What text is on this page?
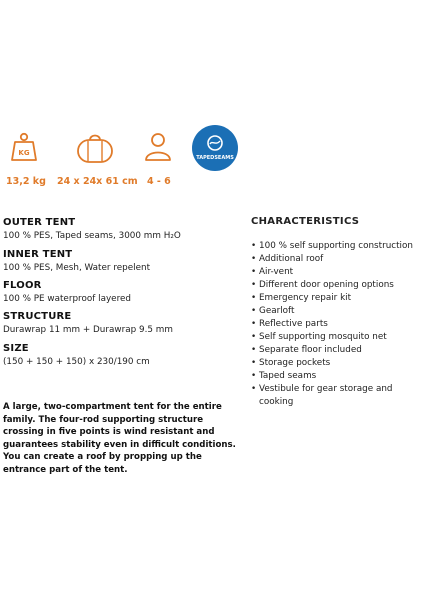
KG
TAPEDSEAMS
13,2 kg 24 x 24x 61 cm 4 - 6
OUTER TENT
100 % PES, Taped seams, 3000 mm H₂O
INNER TENT
100 % PES, Mesh, Water repelent
FLOOR
100 % PE waterproof layered
STRUCTURE
Durawrap 11 mm + Durawrap 9.5 mm
SIZE
(150 + 150 + 150) x 230/190 cm
CHARACTERISTICS
• 100 % self supporting construction
• Additional roof
• Air-vent
• Different door opening options
• Emergency repair kit
• Gearloft
• Reflective parts
• Self supporting mosquito net
• Separate floor included
• Storage pockets
• Taped seams
• Vestibule for gear storage and cooking
A large, two-compartment tent for the entire family. The four-rod supporting structure crossing in five points is wind resistant and guarantees stability even in difficult conditions. You can create a roof by propping up the entrance part of the tent.
